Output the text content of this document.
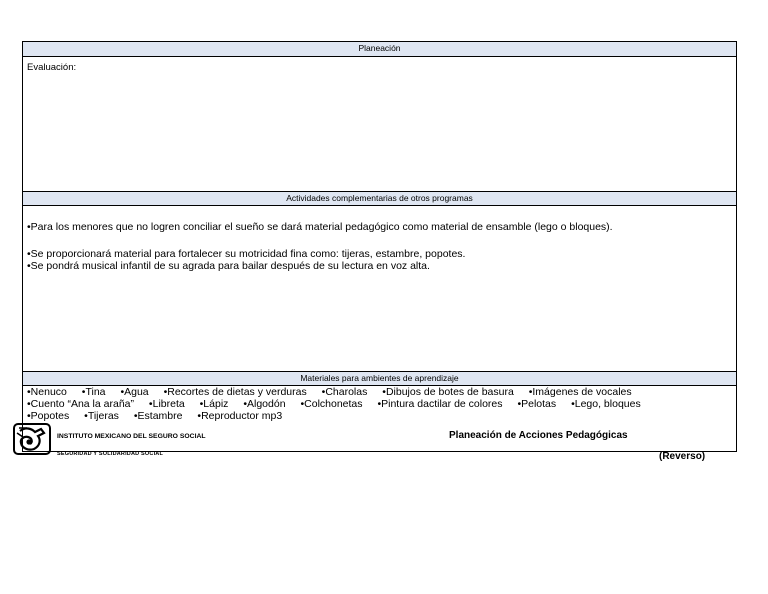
Planeación
Evaluación:
Actividades complementarias de otros programas

•Para los menores que no logren conciliar el sueño se dará material pedagógico como material de ensamble (lego o bloques).

•Se proporcionará material para fortalecer su motricidad fina como: tijeras, estambre, popotes.

•Se pondrá musical infantil de su agrada para bailar después de su lectura en voz alta.

Materiales para ambientes de aprendizaje
•Nenuco •Tina •Agua •Recortes de dietas y verduras •Charolas •Dibujos de botes de basura •Imágenes de vocales
•Cuento “Ana la araña” •Libreta •Lápiz •Algodón •Colchonetas •Pintura dactilar de colores •Pelotas •Lego, bloques
•Popotes •Tijeras •Estambre •Reproductor mp3
INSTITUTO MEXICANO DEL SEGURO SOCIAL
SEGURIDAD Y SOLIDARIDAD SOCIAL
Planeación de Acciones Pedagógicas
(Reverso)
